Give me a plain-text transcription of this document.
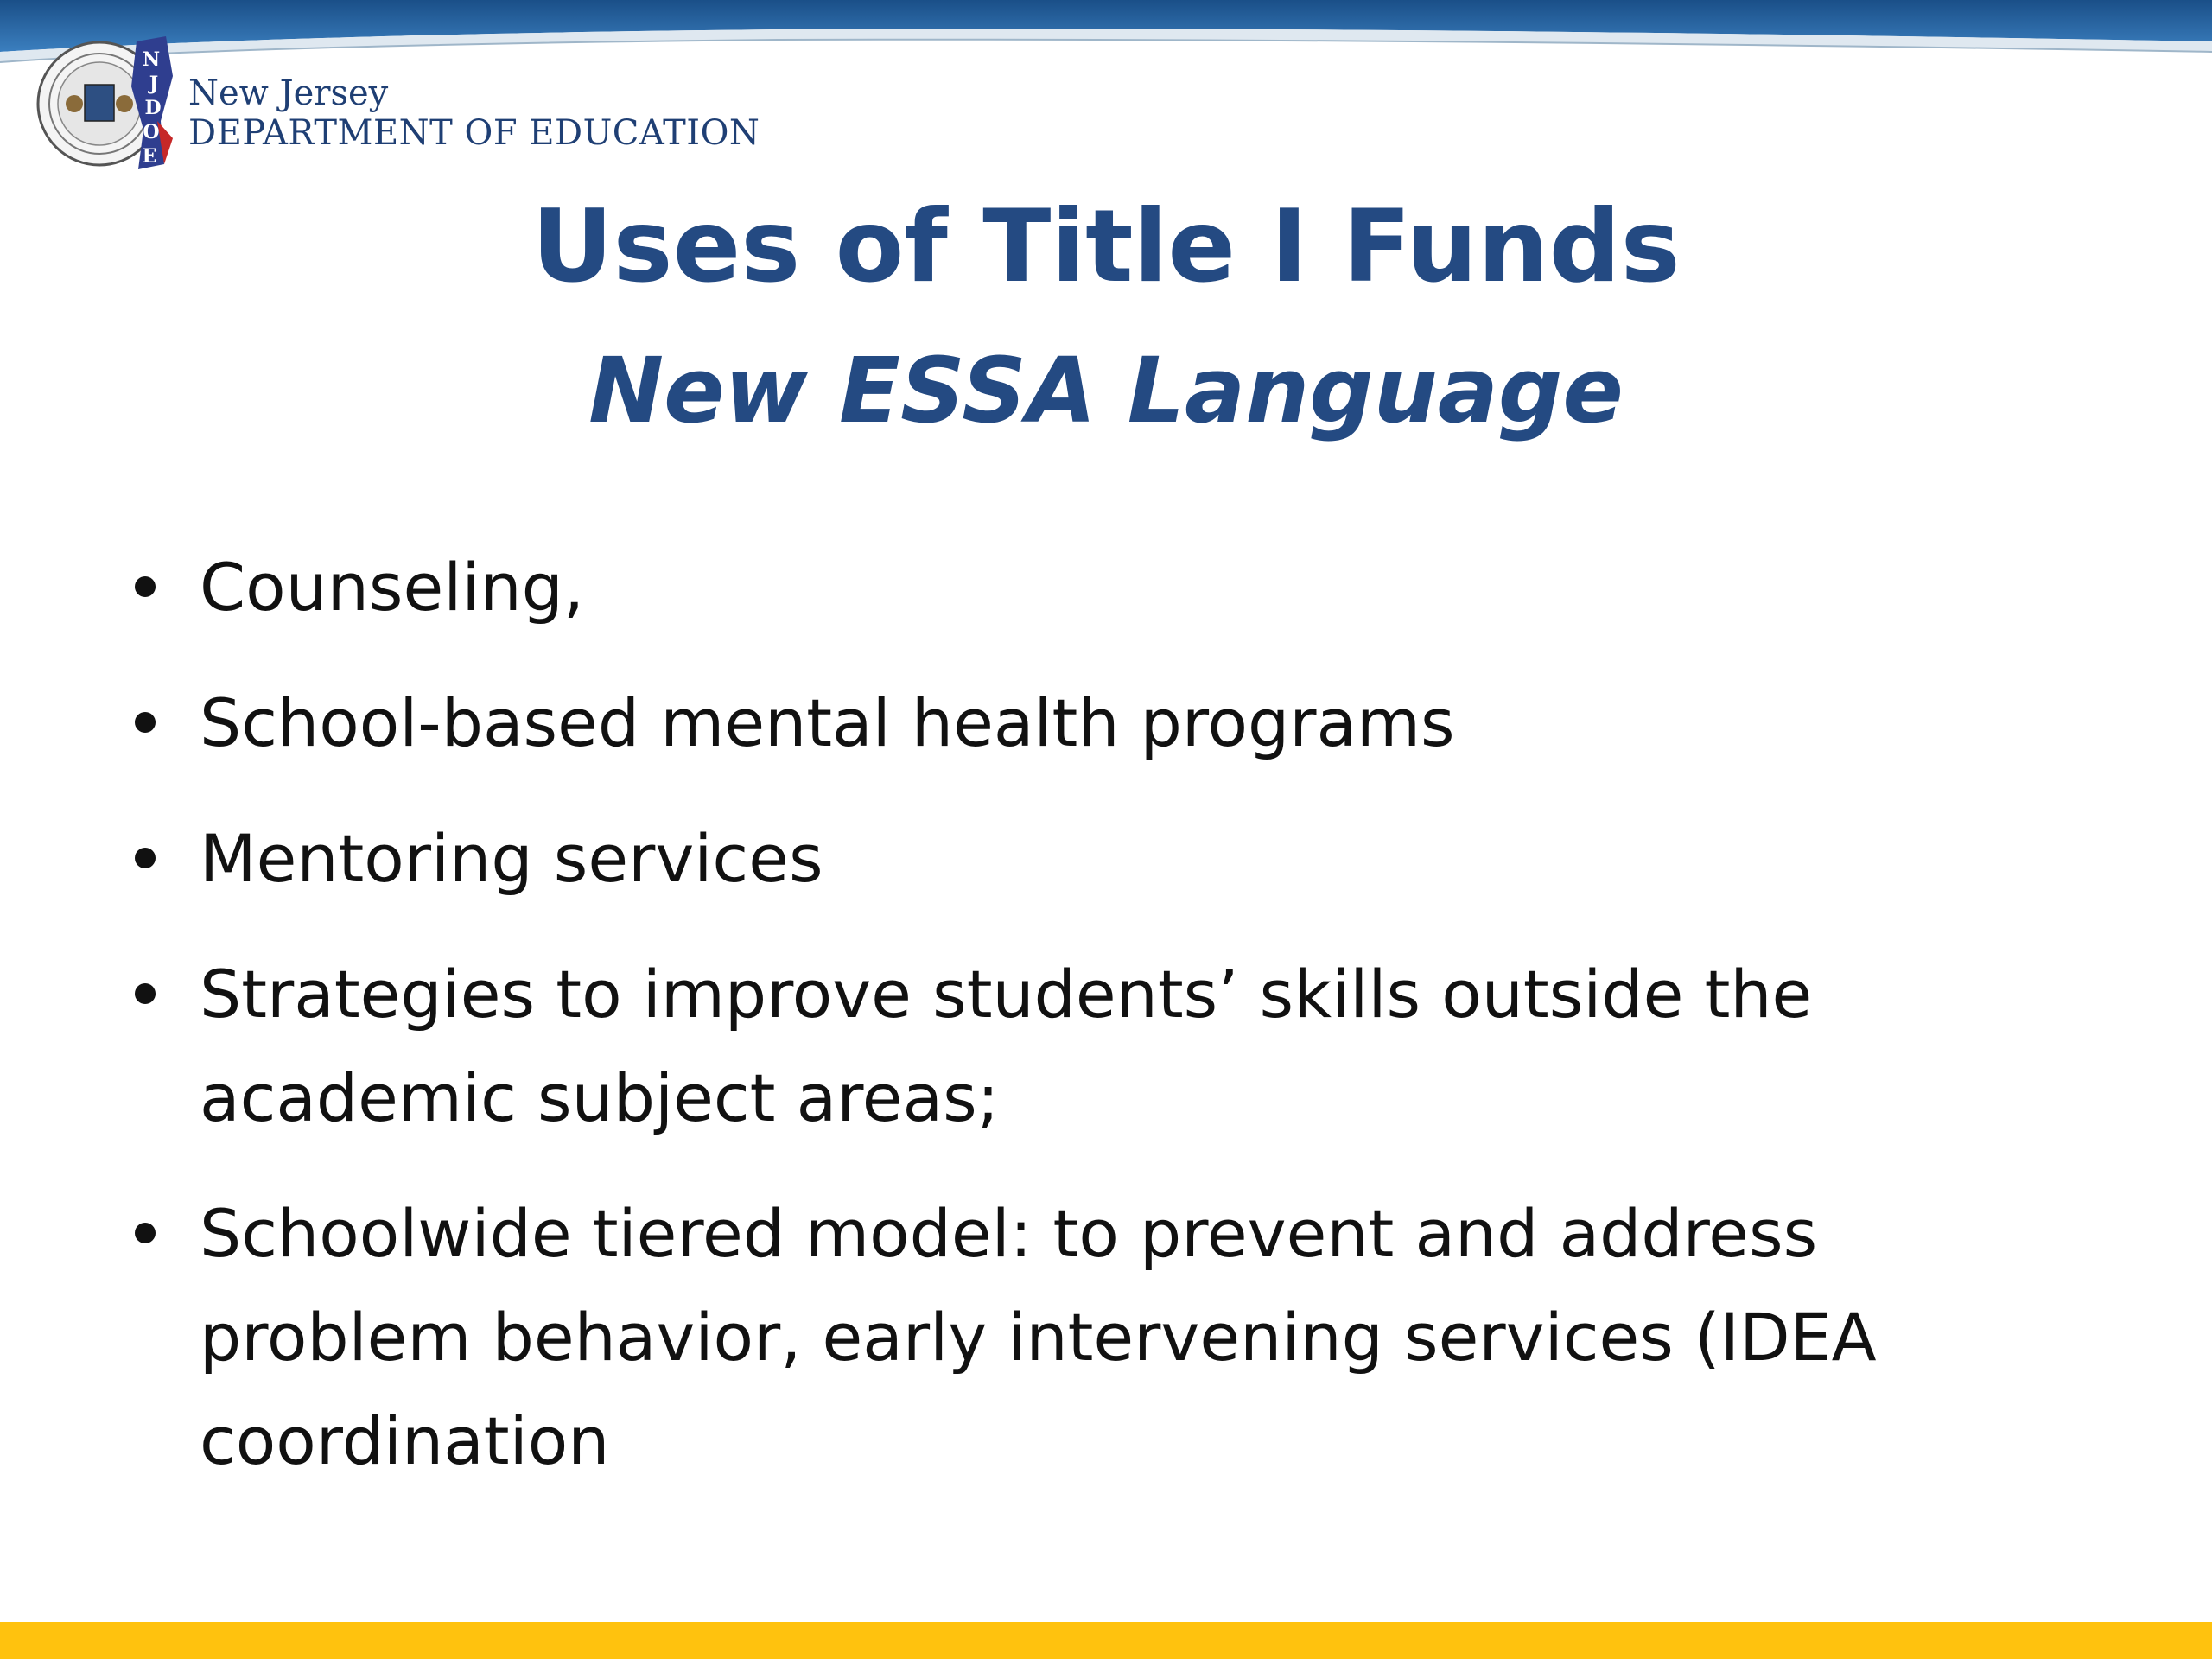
N
J
D
O
E
New Jersey
DEPARTMENT OF EDUCATION
Uses of Title I Funds
New ESSA Language
Counseling,
School-based mental health programs
Mentoring services
Strategies to improve students’ skills outside the
academic subject areas;
Schoolwide tiered model: to prevent and address
problem behavior, early intervening services (IDEA
coordination
